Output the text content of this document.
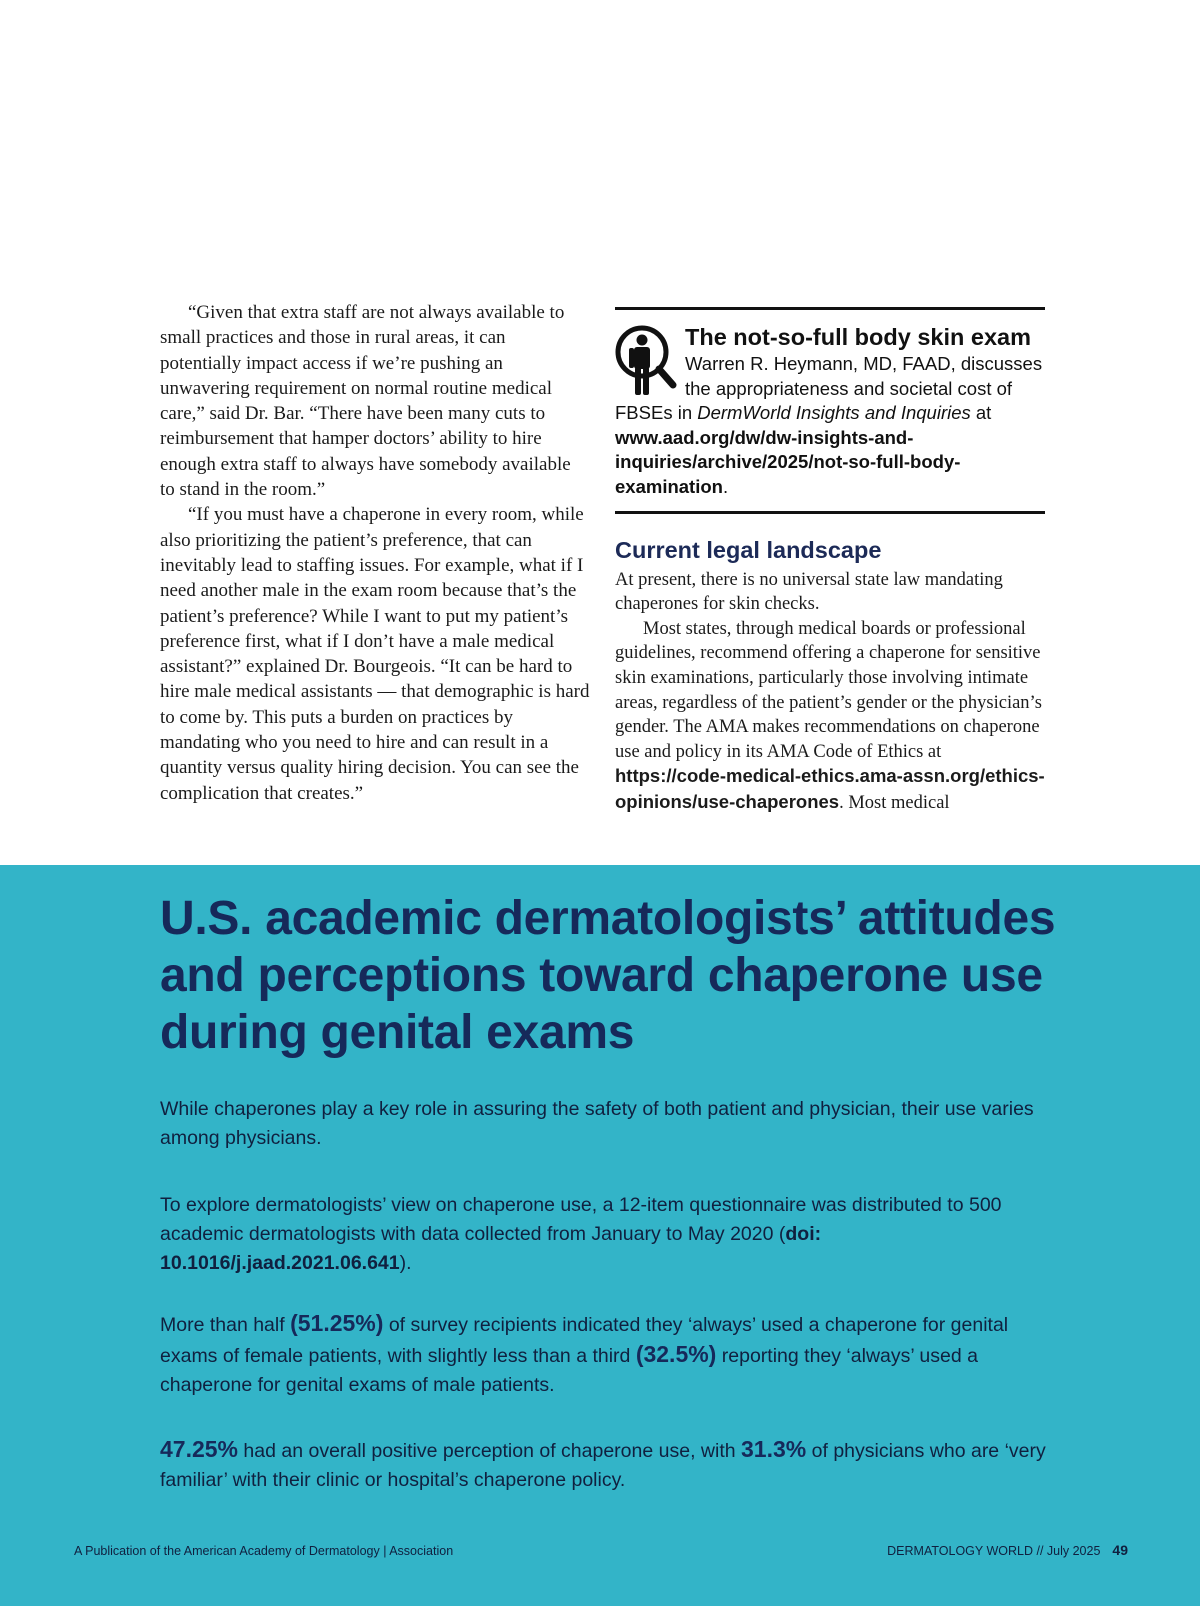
“Given that extra staff are not always available to small practices and those in rural areas, it can potentially impact access if we’re pushing an unwavering requirement on normal routine medical care,” said Dr. Bar. “There have been many cuts to reimbursement that hamper doctors’ ability to hire enough extra staff to always have somebody available to stand in the room.”

“If you must have a chaperone in every room, while also prioritizing the patient’s preference, that can inevitably lead to staffing issues. For example, what if I need another male in the exam room because that’s the patient’s preference? While I want to put my patient’s preference first, what if I don’t have a male medical assistant?” explained Dr. Bourgeois. “It can be hard to hire male medical assistants — that demographic is hard to come by. This puts a burden on practices by mandating who you need to hire and can result in a quantity versus quality hiring decision. You can see the complication that creates.”

The not-so-full body skin exam
Warren R. Heymann, MD, FAAD, discusses the appropriateness and societal cost of FBSEs in DermWorld Insights and Inquiries at www.aad.org/dw/dw-insights-and-inquiries/archive/2025/not-so-full-body-examination.
Current legal landscape

At present, there is no universal state law mandating chaperones for skin checks.

Most states, through medical boards or professional guidelines, recommend offering a chaperone for sensitive skin examinations, particularly those involving intimate areas, regardless of the patient’s gender or the physician’s gender. The AMA makes recommendations on chaperone use and policy in its AMA Code of Ethics at https://code-medical-ethics.ama-assn.org/ethics-opinions/use-chaperones. Most medical

U.S. academic dermatologists’ attitudes and perceptions toward chaperone use during genital exams

While chaperones play a key role in assuring the safety of both patient and physician, their use varies among physicians.

To explore dermatologists’ view on chaperone use, a 12-item questionnaire was distributed to 500 academic dermatologists with data collected from January to May 2020 (doi: 10.1016/j.jaad.2021.06.641).

More than half (51.25%) of survey recipients indicated they ‘always’ used a chaperone for genital exams of female patients, with slightly less than a third (32.5%) reporting they ‘always’ used a chaperone for genital exams of male patients.

47.25% had an overall positive perception of chaperone use, with 31.3% of physicians who are ‘very familiar’ with their clinic or hospital’s chaperone policy.

A Publication of the American Academy of Dermatology | Association	DERMATOLOGY WORLD // July 2025 49
